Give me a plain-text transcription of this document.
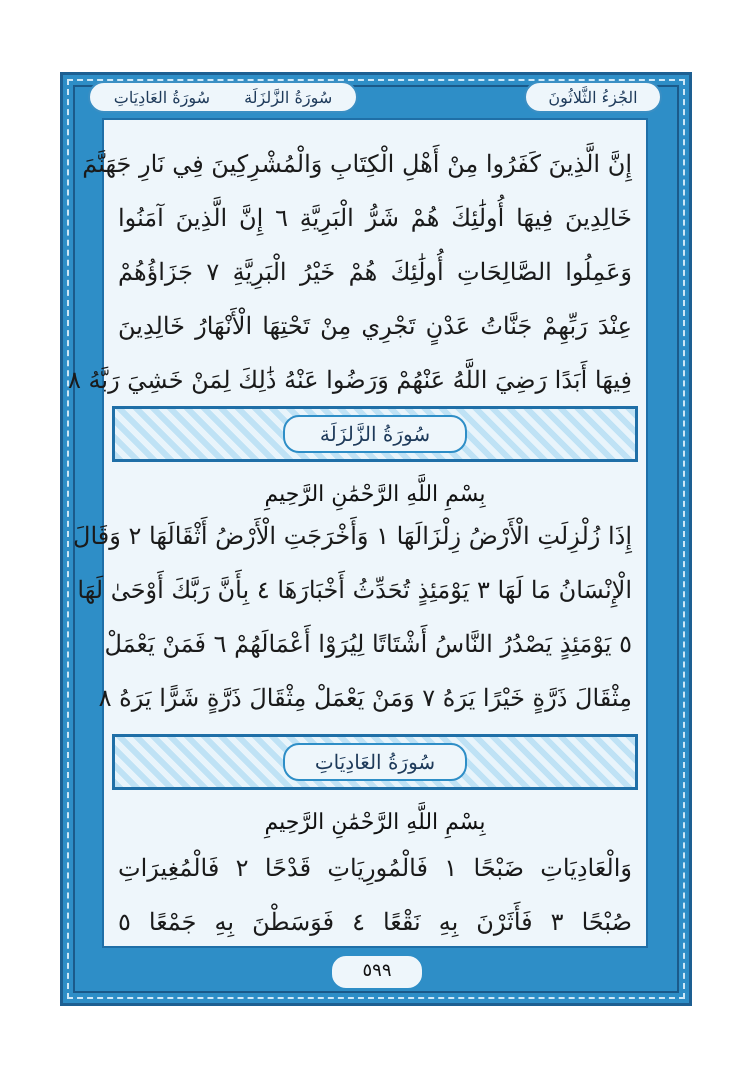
سُورَةُ الزَّلزَلَة
سُورَةُ العَادِيَاتِ	الجُزءُ الثَّلاثُونَ
إِنَّ الَّذِينَ كَفَرُوا مِنْ أَهْلِ الْكِتَابِ وَالْمُشْرِكِينَ فِي نَارِ جَهَنَّمَ
خَالِدِينَ فِيهَا أُولَٰئِكَ هُمْ شَرُّ الْبَرِيَّةِ ٦ إِنَّ الَّذِينَ آمَنُوا
وَعَمِلُوا الصَّالِحَاتِ أُولَٰئِكَ هُمْ خَيْرُ الْبَرِيَّةِ ٧ جَزَاؤُهُمْ
عِنْدَ رَبِّهِمْ جَنَّاتُ عَدْنٍ تَجْرِي مِنْ تَحْتِهَا الْأَنْهَارُ خَالِدِينَ
فِيهَا أَبَدًا رَضِيَ اللَّهُ عَنْهُمْ وَرَضُوا عَنْهُ ذَٰلِكَ لِمَنْ خَشِيَ رَبَّهُ ٨
سُورَةُ الزَّلزَلَة
بِسْمِ اللَّهِ الرَّحْمَٰنِ الرَّحِيمِ
إِذَا زُلْزِلَتِ الْأَرْضُ زِلْزَالَهَا ١ وَأَخْرَجَتِ الْأَرْضُ أَثْقَالَهَا ٢ وَقَالَ
الْإِنْسَانُ مَا لَهَا ٣ يَوْمَئِذٍ تُحَدِّثُ أَخْبَارَهَا ٤ بِأَنَّ رَبَّكَ أَوْحَىٰ لَهَا
٥ يَوْمَئِذٍ يَصْدُرُ النَّاسُ أَشْتَاتًا لِيُرَوْا أَعْمَالَهُمْ ٦ فَمَنْ يَعْمَلْ
مِثْقَالَ ذَرَّةٍ خَيْرًا يَرَهُ ٧ وَمَنْ يَعْمَلْ مِثْقَالَ ذَرَّةٍ شَرًّا يَرَهُ ٨
سُورَةُ العَادِيَاتِ
بِسْمِ اللَّهِ الرَّحْمَٰنِ الرَّحِيمِ
وَالْعَادِيَاتِ ضَبْحًا ١ فَالْمُورِيَاتِ قَدْحًا ٢ فَالْمُغِيرَاتِ
صُبْحًا ٣ فَأَثَرْنَ بِهِ نَقْعًا ٤ فَوَسَطْنَ بِهِ جَمْعًا ٥
٥٩٩
